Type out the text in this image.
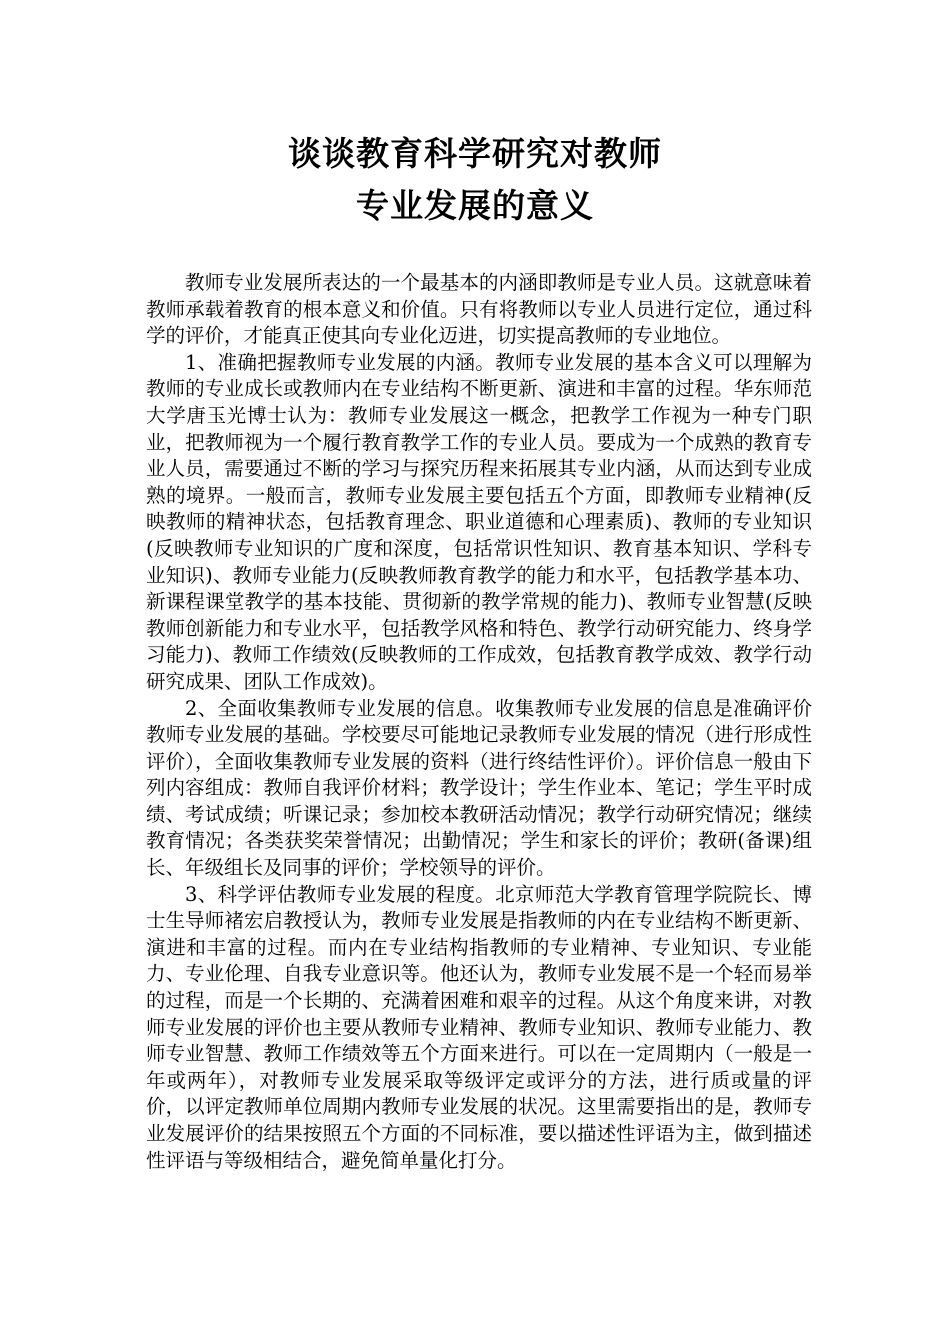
谈谈教育科学研究对教师
专业发展的意义

教师专业发展所表达的一个最基本的内涵即教师是专业人员。这就意味着教师承载着教育的根本意义和价值。只有将教师以专业人员进行定位，通过科学的评价，才能真正使其向专业化迈进，切实提高教师的专业地位。

1、准确把握教师专业发展的内涵。教师专业发展的基本含义可以理解为教师的专业成长或教师内在专业结构不断更新、演进和丰富的过程。华东师范大学唐玉光博士认为：教师专业发展这一概念，把教学工作视为一种专门职业，把教师视为一个履行教育教学工作的专业人员。要成为一个成熟的教育专业人员，需要通过不断的学习与探究历程来拓展其专业内涵，从而达到专业成熟的境界。一般而言，教师专业发展主要包括五个方面，即教师专业精神(反映教师的精神状态，包括教育理念、职业道德和心理素质)、教师的专业知识(反映教师专业知识的广度和深度，包括常识性知识、教育基本知识、学科专业知识)、教师专业能力(反映教师教育教学的能力和水平，包括教学基本功、新课程课堂教学的基本技能、贯彻新的教学常规的能力)、教师专业智慧(反映教师创新能力和专业水平，包括教学风格和特色、教学行动研究能力、终身学习能力)、教师工作绩效(反映教师的工作成效，包括教育教学成效、教学行动研究成果、团队工作成效)。

2、全面收集教师专业发展的信息。收集教师专业发展的信息是准确评价教师专业发展的基础。学校要尽可能地记录教师专业发展的情况（进行形成性评价），全面收集教师专业发展的资料（进行终结性评价）。评价信息一般由下列内容组成：教师自我评价材料；教学设计；学生作业本、笔记；学生平时成绩、考试成绩；听课记录；参加校本教研活动情况；教学行动研究情况；继续教育情况；各类获奖荣誉情况；出勤情况；学生和家长的评价；教研(备课)组长、年级组长及同事的评价；学校领导的评价。

3、科学评估教师专业发展的程度。北京师范大学教育管理学院院长、博士生导师褚宏启教授认为，教师专业发展是指教师的内在专业结构不断更新、演进和丰富的过程。而内在专业结构指教师的专业精神、专业知识、专业能力、专业伦理、自我专业意识等。他还认为，教师专业发展不是一个轻而易举的过程，而是一个长期的、充满着困难和艰辛的过程。从这个角度来讲，对教师专业发展的评价也主要从教师专业精神、教师专业知识、教师专业能力、教师专业智慧、教师工作绩效等五个方面来进行。可以在一定周期内（一般是一年或两年），对教师专业发展采取等级评定或评分的方法，进行质或量的评价，以评定教师单位周期内教师专业发展的状况。这里需要指出的是，教师专业发展评价的结果按照五个方面的不同标准，要以描述性评语为主，做到描述性评语与等级相结合，避免简单量化打分。
